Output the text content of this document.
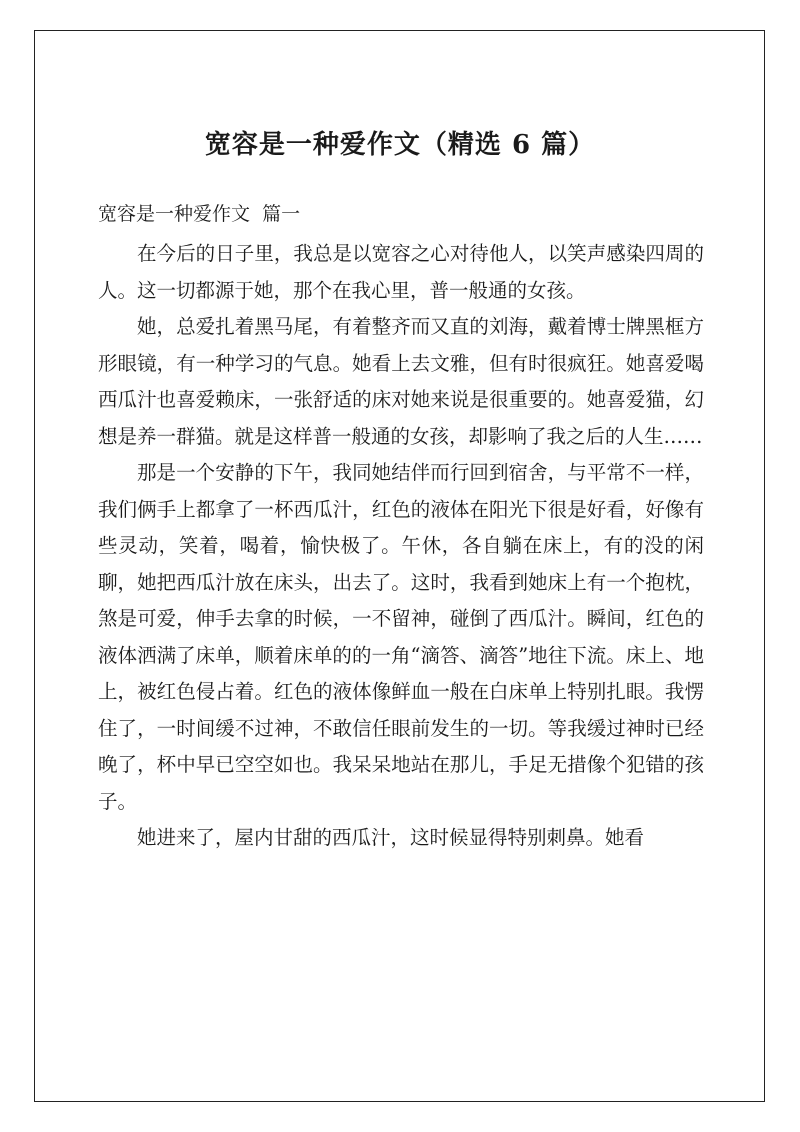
宽容是一种爱作文（精选 6 篇）
宽容是一种爱作文  篇一

在今后的日子里，我总是以宽容之心对待他人，以笑声感染四周的人。这一切都源于她，那个在我心里，普一般通的女孩。

她，总爱扎着黑马尾，有着整齐而又直的刘海，戴着博士牌黑框方形眼镜，有一种学习的气息。她看上去文雅，但有时很疯狂。她喜爱喝西瓜汁也喜爱赖床，一张舒适的床对她来说是很重要的。她喜爱猫，幻想是养一群猫。就是这样普一般通的女孩，却影响了我之后的人生……

那是一个安静的下午，我同她结伴而行回到宿舍，与平常不一样，我们俩手上都拿了一杯西瓜汁，红色的液体在阳光下很是好看，好像有些灵动，笑着，喝着，愉快极了。午休，各自躺在床上，有的没的闲聊，她把西瓜汁放在床头，出去了。这时，我看到她床上有一个抱枕，煞是可爱，伸手去拿的时候，一不留神，碰倒了西瓜汁。瞬间，红色的液体洒满了床单，顺着床单的的一角“滴答、滴答”地往下流。床上、地上，被红色侵占着。红色的液体像鲜血一般在白床单上特别扎眼。我愣住了，一时间缓不过神，不敢信任眼前发生的一切。等我缓过神时已经晚了，杯中早已空空如也。我呆呆地站在那儿，手足无措像个犯错的孩子。

她进来了，屋内甘甜的西瓜汁，这时候显得特别刺鼻。她看
